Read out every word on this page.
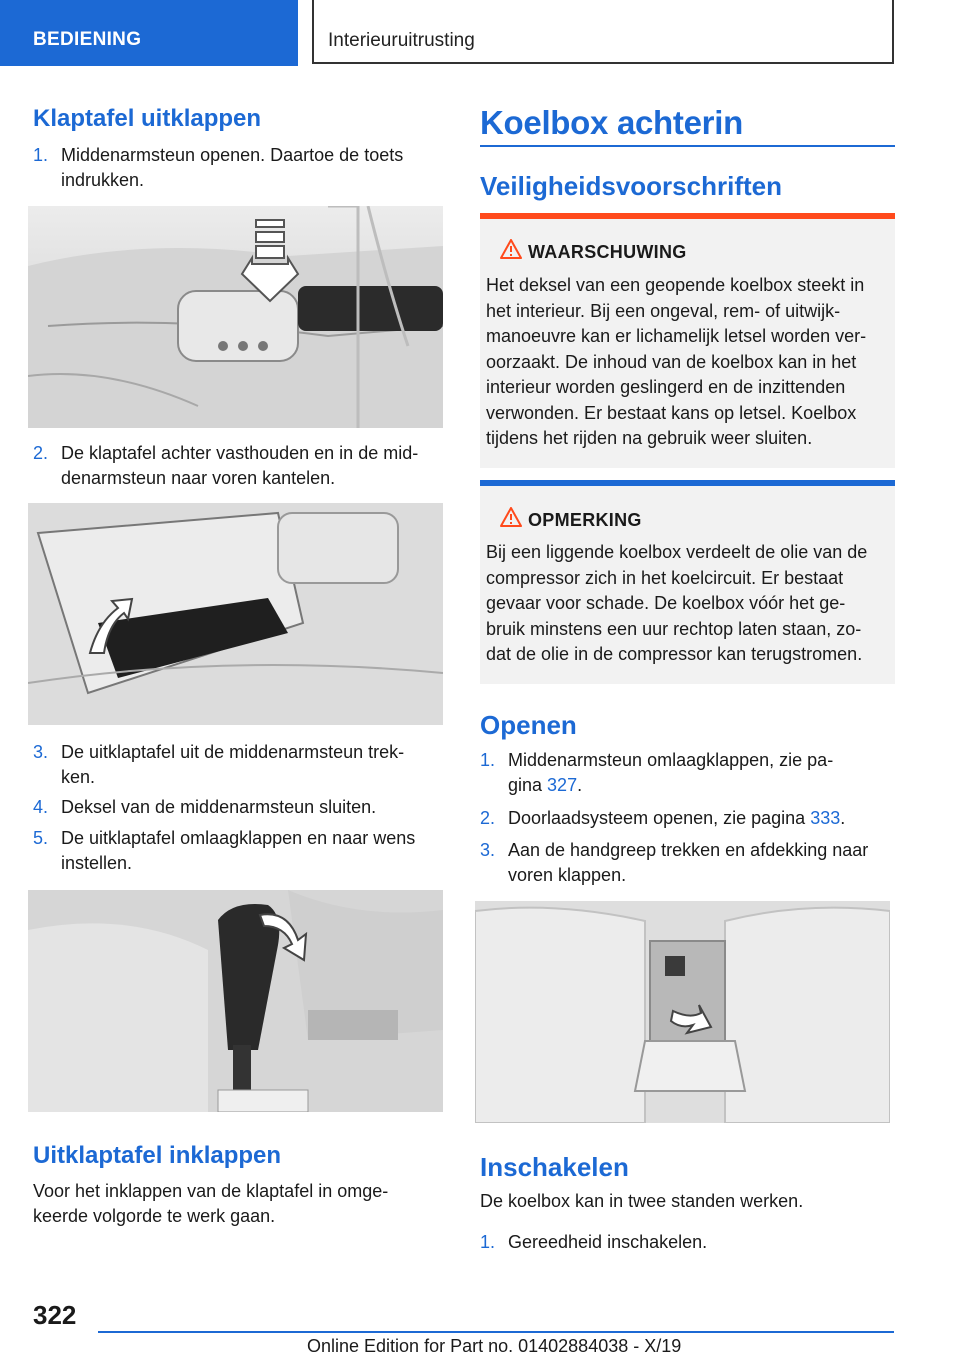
BEDIENING	Interieuruitrusting
Klaptafel uitklappen
1. Middenarmsteun openen. Daartoe de toets
indrukken.
2. De klaptafel achter vasthouden en in de mid-
denarmsteun naar voren kantelen.
3. De uitklaptafel uit de middenarmsteun trek-
ken.
4. Deksel van de middenarmsteun sluiten.
5. De uitklaptafel omlaagklappen en naar wens
instellen.
Uitklaptafel inklappen

Voor het inklappen van de klaptafel in omge-
keerde volgorde te werk gaan.

Koelbox achterin
Veiligheidsvoorschriften
WAARSCHUWING
Het deksel van een geopende koelbox steekt in
het interieur. Bij een ongeval, rem- of uitwijk-
manoeuvre kan er lichamelijk letsel worden ver-
oorzaakt. De inhoud van de koelbox kan in het
interieur worden geslingerd en de inzittenden
verwonden. Er bestaat kans op letsel. Koelbox
tijdens het rijden na gebruik weer sluiten.
OPMERKING
Bij een liggende koelbox verdeelt de olie van de
compressor zich in het koelcircuit. Er bestaat
gevaar voor schade. De koelbox vóór het ge-
bruik minstens een uur rechtop laten staan, zo-
dat de olie in de compressor kan terugstromen.
Openen
1. Middenarmsteun omlaagklappen, zie pa-
gina 327.
2. Doorlaadsysteem openen, zie pagina 333.
3. Aan de handgreep trekken en afdekking naar
voren klappen.
Inschakelen

De koelbox kan in twee standen werken.

1. Gereedheid inschakelen.
322
Online Edition for Part no. 01402884038 - X/19
